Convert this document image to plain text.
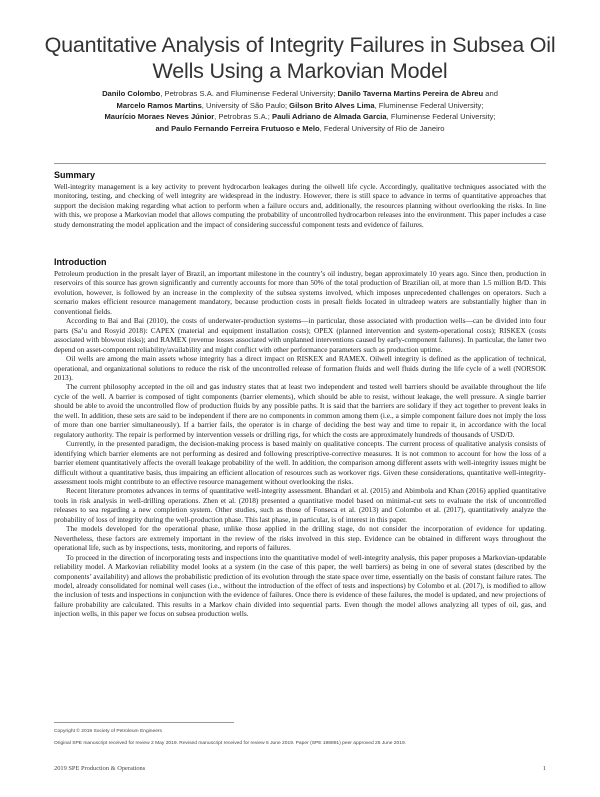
Quantitative Analysis of Integrity Failures in Subsea Oil Wells Using a Markovian Model
Danilo Colombo, Petrobras S.A. and Fluminense Federal University; Danilo Taverna Martins Pereira de Abreu and
Marcelo Ramos Martins, University of São Paulo; Gilson Brito Alves Lima, Fluminense Federal University;
Maurício Moraes Neves Júnior, Petrobras S.A.; Pauli Adriano de Almada Garcia, Fluminense Federal University;
and Paulo Fernando Ferreira Frutuoso e Melo, Federal University of Rio de Janeiro
Summary

Well-integrity management is a key activity to prevent hydrocarbon leakages during the oilwell life cycle. Accordingly, qualitative techniques associated with the monitoring, testing, and checking of well integrity are widespread in the industry. However, there is still space to advance in terms of quantitative approaches that support the decision making regarding what action to perform when a failure occurs and, additionally, the resources planning without overlooking the risks. In line with this, we propose a Markovian model that allows computing the probability of uncontrolled hydrocarbon releases into the environment. This paper includes a case study demonstrating the model application and the impact of considering successful component tests and evidence of failures.

Introduction

Petroleum production in the presalt layer of Brazil, an important milestone in the country’s oil industry, began approximately 10 years ago. Since then, production in reservoirs of this source has grown significantly and currently accounts for more than 50% of the total production of Brazilian oil, at more than 1.5 million B/D. This evolution, however, is followed by an increase in the complexity of the subsea systems involved, which imposes unprecedented challenges on operators. Such a scenario makes efficient resource management mandatory, because production costs in presalt fields located in ultradeep waters are substantially higher than in conventional fields.

According to Bai and Bai (2010), the costs of underwater-production systems—in particular, those associated with production wells—can be divided into four parts (Sa’u and Rosyid 2018): CAPEX (material and equipment installation costs); OPEX (planned intervention and system-operational costs); RISKEX (costs associated with blowout risks); and RAMEX (revenue losses associated with unplanned interventions caused by early-component failures). In particular, the latter two depend on asset-component reliability/availability and might conflict with other performance parameters such as production uptime.

Oil wells are among the main assets whose integrity has a direct impact on RISKEX and RAMEX. Oilwell integrity is defined as the application of technical, operational, and organizational solutions to reduce the risk of the uncontrolled release of formation fluids and well fluids during the life cycle of a well (NORSOK 2013).

The current philosophy accepted in the oil and gas industry states that at least two independent and tested well barriers should be available throughout the life cycle of the well. A barrier is composed of tight components (barrier elements), which should be able to resist, without leakage, the well pressure. A single barrier should be able to avoid the uncontrolled flow of production fluids by any possible paths. It is said that the barriers are solidary if they act together to prevent leaks in the well. In addition, these sets are said to be independent if there are no components in common among them (i.e., a simple component failure does not imply the loss of more than one barrier simultaneously). If a barrier fails, the operator is in charge of deciding the best way and time to repair it, in accordance with the local regulatory authority. The repair is performed by intervention vessels or drilling rigs, for which the costs are approximately hundreds of thousands of USD/D.

Currently, in the presented paradigm, the decision-making process is based mainly on qualitative concepts. The current process of qualitative analysis consists of identifying which barrier elements are not performing as desired and following prescriptive-corrective measures. It is not common to account for how the loss of a barrier element quantitatively affects the overall leakage probability of the well. In addition, the comparison among different assets with well-integrity issues might be difficult without a quantitative basis, thus impairing an efficient allocation of resources such as workover rigs. Given these considerations, quantitative well-integrity-assessment tools might contribute to an effective resource management without overlooking the risks.

Recent literature promotes advances in terms of quantitative well-integrity assessment. Bhandari et al. (2015) and Abimbola and Khan (2016) applied quantitative tools in risk analysis in well-drilling operations. Zhen et al. (2018) presented a quantitative model based on minimal-cut sets to evaluate the risk of uncontrolled releases to sea regarding a new completion system. Other studies, such as those of Fonseca et al. (2013) and Colombo et al. (2017), quantitatively analyze the probability of loss of integrity during the well-production phase. This last phase, in particular, is of interest in this paper.

The models developed for the operational phase, unlike those applied in the drilling stage, do not consider the incorporation of evidence for updating. Nevertheless, these factors are extremely important in the review of the risks involved in this step. Evidence can be obtained in different ways throughout the operational life, such as by inspections, tests, monitoring, and reports of failures.

To proceed in the direction of incorporating tests and inspections into the quantitative model of well-integrity analysis, this paper proposes a Markovian-updatable reliability model. A Markovian reliability model looks at a system (in the case of this paper, the well barriers) as being in one of several states (described by the components’ availability) and allows the probabilistic prediction of its evolution through the state space over time, essentially on the basis of constant failure rates. The model, already consolidated for nominal well cases (i.e., without the introduction of the effect of tests and inspections) by Colombo et al. (2017), is modified to allow the inclusion of tests and inspections in conjunction with the evidence of failures. Once there is evidence of these failures, the model is updated, and new projections of failure probability are calculated. This results in a Markov chain divided into sequential parts. Even though the model allows analyzing all types of oil, gas, and injection wells, in this paper we focus on subsea production wells.

Copyright © 2019 Society of Petroleum Engineers
Original SPE manuscript received for review 2 May 2019. Revised manuscript received for review 6 June 2019. Paper (SPE 198891) peer approved 26 June 2019.
2019 SPE Production & Operations	1
